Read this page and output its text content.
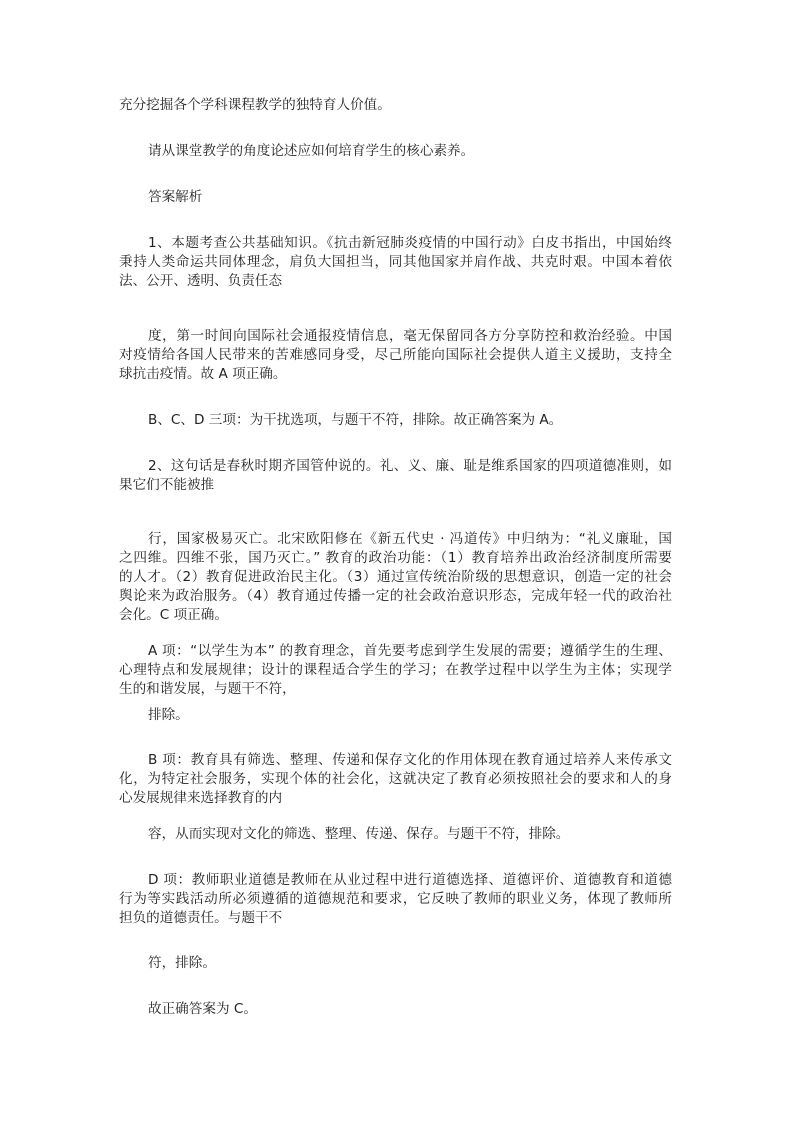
充分挖掘各个学科课程教学的独特育人价值。
请从课堂教学的角度论述应如何培育学生的核心素养。
答案解析
1、本题考查公共基础知识。《抗击新冠肺炎疫情的中国行动》白皮书指出，中国始终
秉持人类命运共同体理念，肩负大国担当，同其他国家并肩作战、共克时艰。中国本着依
法、公开、透明、负责任态
度，第一时间向国际社会通报疫情信息，毫无保留同各方分享防控和救治经验。中国
对疫情给各国人民带来的苦难感同身受，尽己所能向国际社会提供人道主义援助，支持全
球抗击疫情。故 A 项正确。
B、C、D 三项：为干扰选项，与题干不符，排除。故正确答案为 A。
2、这句话是春秋时期齐国管仲说的。礼、义、廉、耻是维系国家的四项道德准则，如
果它们不能被推
行，国家极易灭亡。北宋欧阳修在《新五代史 · 冯道传》中归纳为：“礼义廉耻，国
之四维。四维不张，国乃灭亡。” 教育的政治功能：（1）教育培养出政治经济制度所需要
的人才。（2）教育促进政治民主化。（3）通过宣传统治阶级的思想意识，创造一定的社会
舆论来为政治服务。（4）教育通过传播一定的社会政治意识形态，完成年轻一代的政治社
会化。C 项正确。
A 项：“以学生为本” 的教育理念，首先要考虑到学生发展的需要；遵循学生的生理、
心理特点和发展规律；设计的课程适合学生的学习；在教学过程中以学生为主体；实现学
生的和谐发展，与题干不符，
排除。
B 项：教育具有筛选、整理、传递和保存文化的作用体现在教育通过培养人来传承文
化，为特定社会服务，实现个体的社会化，这就决定了教育必须按照社会的要求和人的身
心发展规律来选择教育的内
容，从而实现对文化的筛选、整理、传递、保存。与题干不符，排除。
D 项：教师职业道德是教师在从业过程中进行道德选择、道德评价、道德教育和道德
行为等实践活动所必须遵循的道德规范和要求，它反映了教师的职业义务，体现了教师所
担负的道德责任。与题干不
符，排除。
故正确答案为 C。
